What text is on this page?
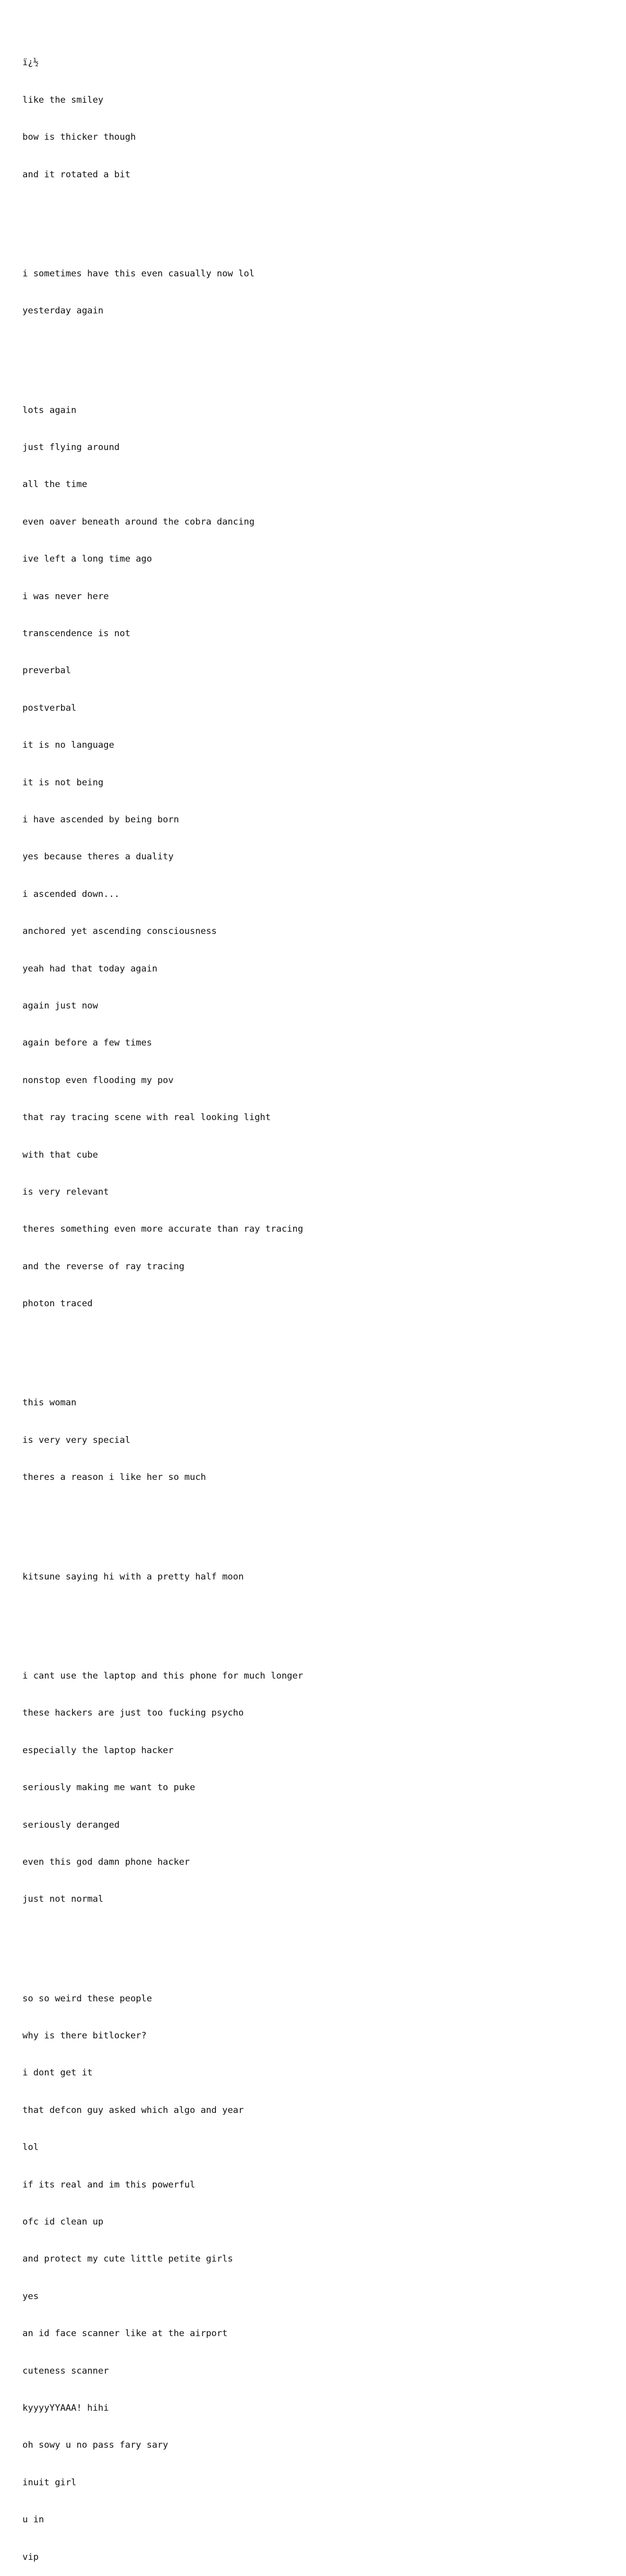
ï¿½

like the smiley

bow is thicker though

and it rotated a bit

i sometimes have this even casually now lol

yesterday again

lots again

just flying around

all the time

even oaver beneath around the cobra dancing

ive left a long time ago

i was never here

transcendence is not

preverbal

postverbal

it is no language

it is not being

i have ascended by being born

yes because theres a duality

i ascended down...

anchored yet ascending consciousness

yeah had that today again

again just now

again before a few times

nonstop even flooding my pov

that ray tracing scene with real looking light

with that cube

is very relevant

theres something even more accurate than ray tracing

and the reverse of ray tracing

photon traced

this woman

is very very special

theres a reason i like her so much

kitsune saying hi with a pretty half moon

i cant use the laptop and this phone for much longer

these hackers are just too fucking psycho

especially the laptop hacker

seriously making me want to puke

seriously deranged

even this god damn phone hacker

just not normal

so so weird these people

why is there bitlocker?

i dont get it

that defcon guy asked which algo and year

lol

if its real and im this powerful

ofc id clean up

and protect my cute little petite girls

yes

an id face scanner like at the airport

cuteness scanner

kyyyyYYAAA! hihi

oh sowy u no pass fary sary

inuit girl

u in

vip
